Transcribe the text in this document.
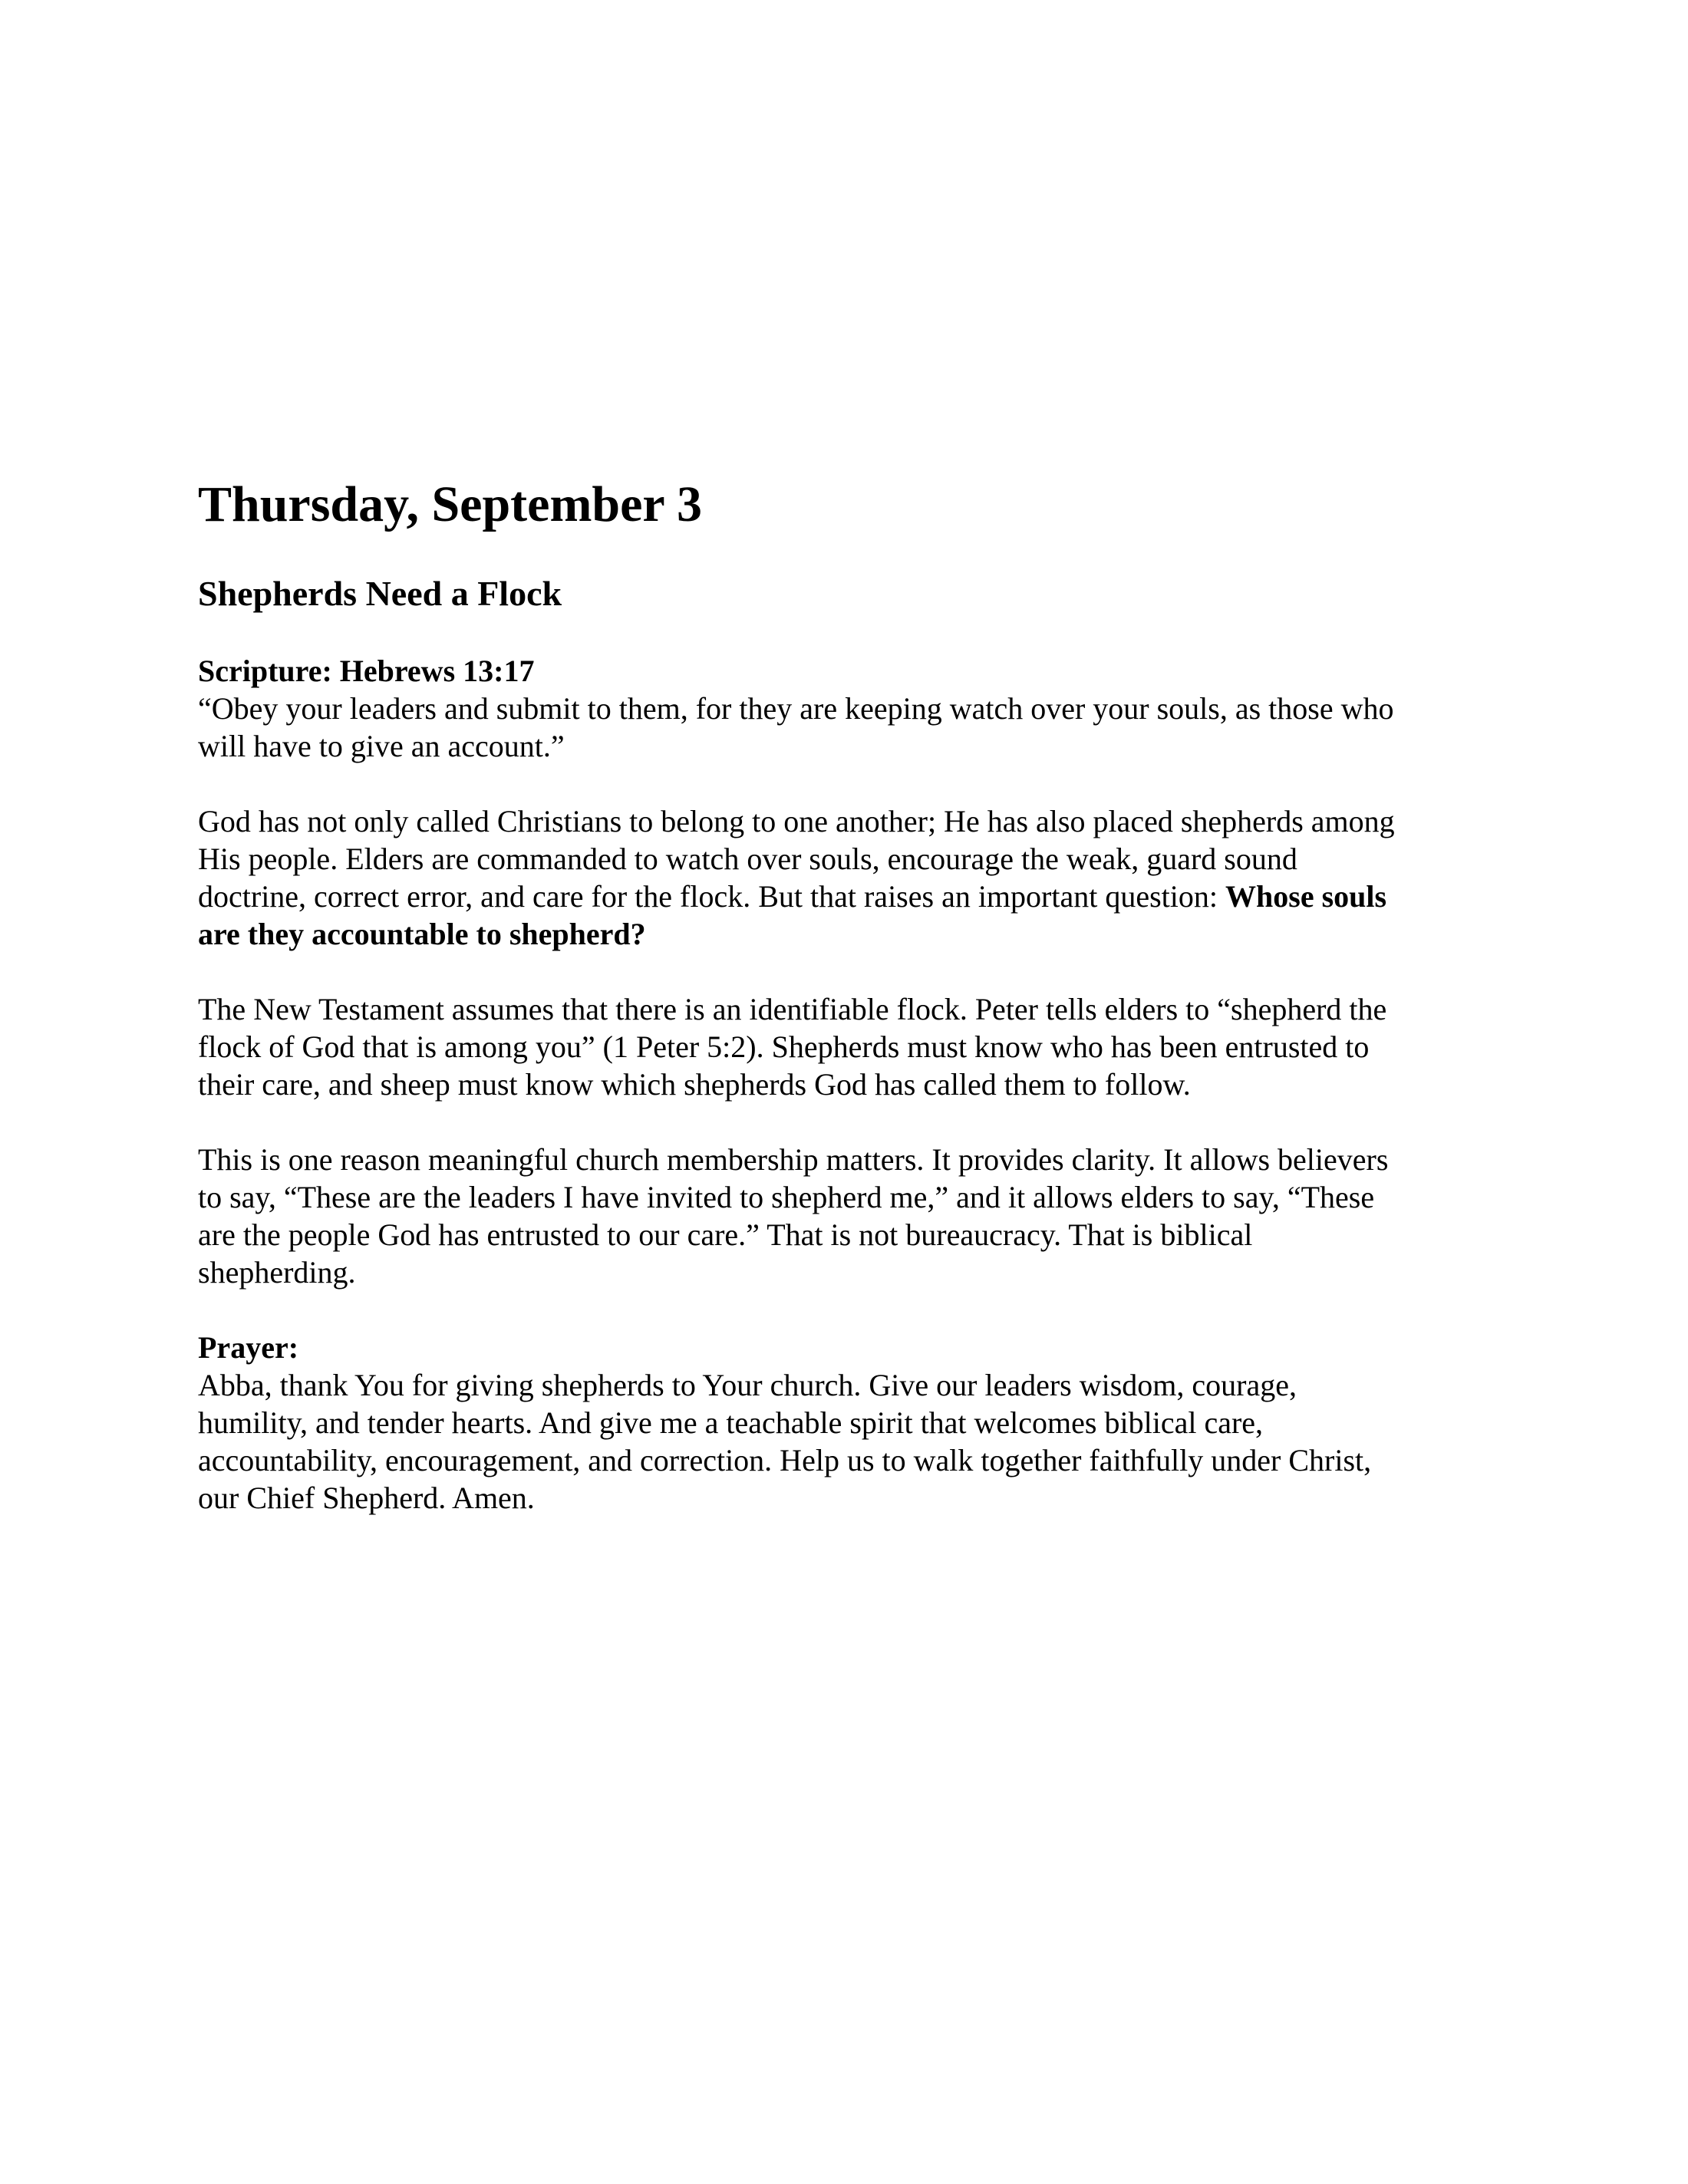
Thursday, September 3
Shepherds Need a Flock

Scripture: Hebrews 13:17

“Obey your leaders and submit to them, for they are keeping watch over your souls, as those who
will have to give an account.”

God has not only called Christians to belong to one another; He has also placed shepherds among
His people. Elders are commanded to watch over souls, encourage the weak, guard sound
doctrine, correct error, and care for the flock. But that raises an important question: Whose souls
are they accountable to shepherd?

The New Testament assumes that there is an identifiable flock. Peter tells elders to “shepherd the
flock of God that is among you” (1 Peter 5:2). Shepherds must know who has been entrusted to
their care, and sheep must know which shepherds God has called them to follow.

This is one reason meaningful church membership matters. It provides clarity. It allows believers
to say, “These are the leaders I have invited to shepherd me,” and it allows elders to say, “These
are the people God has entrusted to our care.” That is not bureaucracy. That is biblical
shepherding.

Prayer:

Abba, thank You for giving shepherds to Your church. Give our leaders wisdom, courage,
humility, and tender hearts. And give me a teachable spirit that welcomes biblical care,
accountability, encouragement, and correction. Help us to walk together faithfully under Christ,
our Chief Shepherd. Amen.
